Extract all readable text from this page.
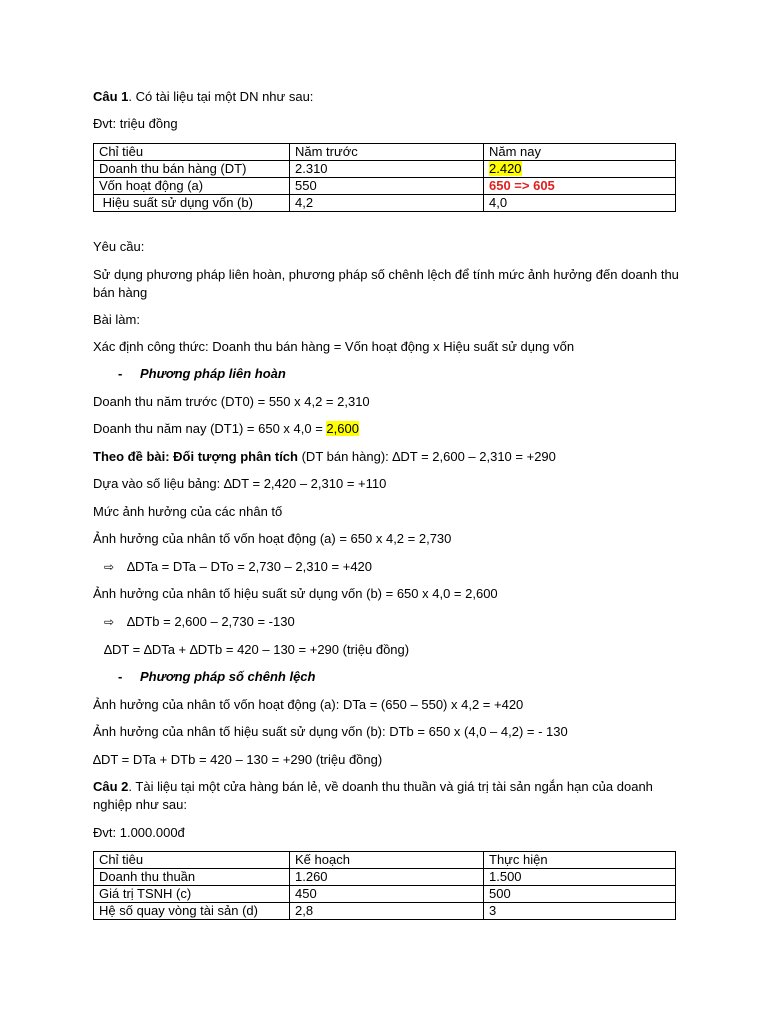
Câu 1. Có tài liệu tại một DN như sau:
Đvt: triệu đồng
Chỉ tiêu	Năm trước	Năm nay
Doanh thu bán hàng (DT)	2.310	2.420
Vốn hoạt động (a)	550	650 => 605
Hiệu suất sử dụng vốn (b)	4,2	4,0
Yêu cầu:
Sử dụng phương pháp liên hoàn, phương pháp số chênh lệch để tính mức ảnh hưởng đến doanh thu bán hàng
Bài làm:
Xác định công thức: Doanh thu bán hàng = Vốn hoạt động x Hiệu suất sử dụng vốn
- Phương pháp liên hoàn
Doanh thu năm trước (DT0) = 550 x 4,2 = 2,310
Doanh thu năm nay (DT1) = 650 x 4,0 = 2,600
Theo đề bài: Đối tượng phân tích (DT bán hàng): ∆DT = 2,600 – 2,310 = +290
Dựa vào số liệu bảng: ∆DT = 2,420 – 2,310 = +110
Mức ảnh hưởng của các nhân tố
Ảnh hưởng của nhân tố vốn hoạt động (a) = 650 x 4,2 = 2,730
⇨ ∆DTa = DTa – DTo = 2,730 – 2,310 = +420
Ảnh hưởng của nhân tố hiệu suất sử dụng vốn (b) = 650 x 4,0 = 2,600
⇨ ∆DTb = 2,600 – 2,730 = -130
∆DT = ∆DTa + ∆DTb = 420 – 130 = +290 (triệu đồng)
- Phương pháp số chênh lệch
Ảnh hưởng của nhân tố vốn hoạt động (a): DTa = (650 – 550) x 4,2 = +420
Ảnh hưởng của nhân tố hiệu suất sử dụng vốn (b): DTb = 650 x (4,0 – 4,2) = - 130
∆DT = DTa + DTb = 420 – 130 = +290 (triệu đồng)
Câu 2. Tài liệu tại một cửa hàng bán lẻ, về doanh thu thuần và giá trị tài sản ngắn hạn của doanh nghiệp như sau:
Đvt: 1.000.000đ
Chỉ tiêu	Kế hoạch	Thực hiện
Doanh thu thuần	1.260	1.500
Giá trị TSNH (c)	450	500
Hệ số quay vòng tài sản (d)	2,8	3
